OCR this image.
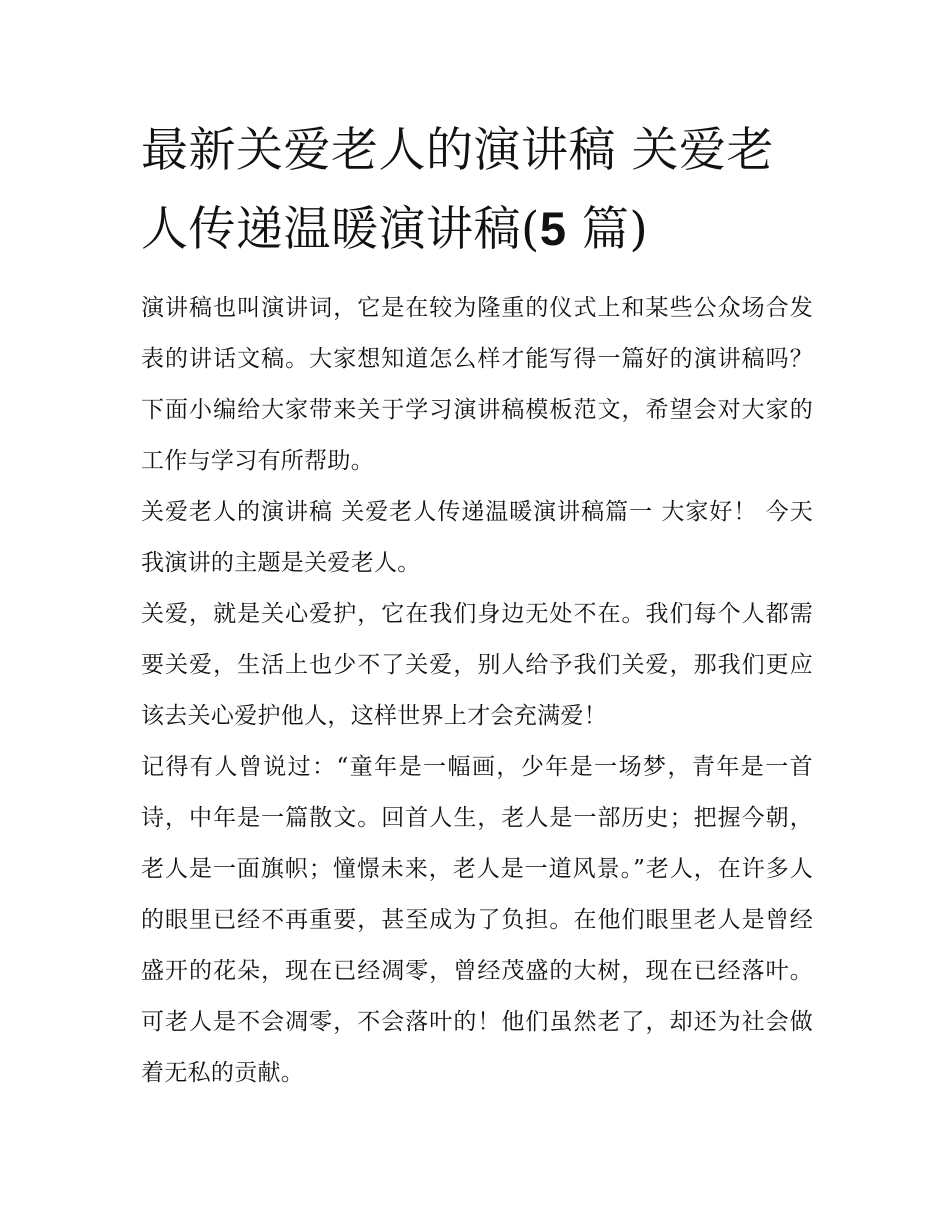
最新关爱老人的演讲稿 关爱老人传递温暖演讲稿(5 篇)

演讲稿也叫演讲词，它是在较为隆重的仪式上和某些公众场合发表的讲话文稿。大家想知道怎么样才能写得一篇好的演讲稿吗？下面小编给大家带来关于学习演讲稿模板范文，希望会对大家的工作与学习有所帮助。

关爱老人的演讲稿 关爱老人传递温暖演讲稿篇一 大家好！ 今天我演讲的主题是关爱老人。

关爱，就是关心爱护，它在我们身边无处不在。我们每个人都需要关爱，生活上也少不了关爱，别人给予我们关爱，那我们更应该去关心爱护他人，这样世界上才会充满爱！

记得有人曾说过：“童年是一幅画，少年是一场梦，青年是一首诗，中年是一篇散文。回首人生，老人是一部历史；把握今朝，老人是一面旗帜；憧憬未来，老人是一道风景。”老人，在许多人的眼里已经不再重要，甚至成为了负担。在他们眼里老人是曾经盛开的花朵，现在已经凋零，曾经茂盛的大树，现在已经落叶。可老人是不会凋零，不会落叶的！他们虽然老了，却还为社会做着无私的贡献。
